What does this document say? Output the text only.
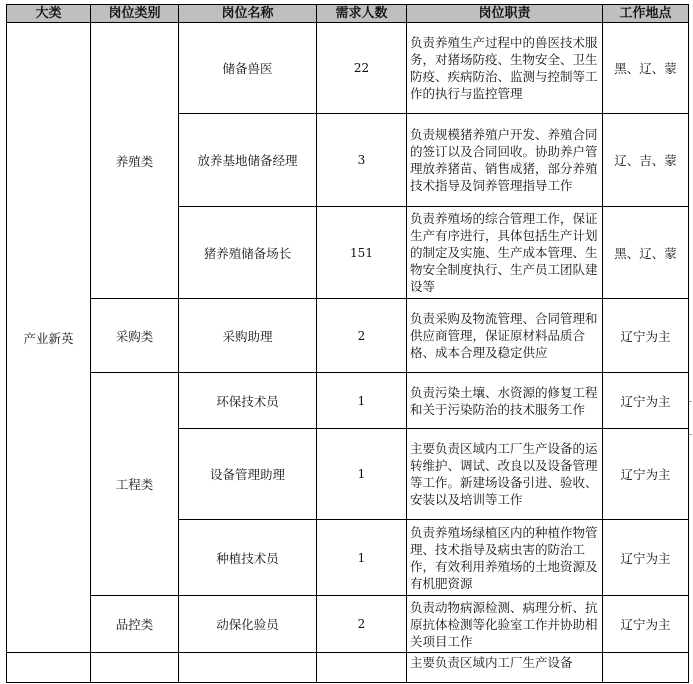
大类	岗位类别	岗位名称	需求人数	岗位职责	工作地点
产业新英	养殖类	储备兽医	22	负责养殖生产过程中的兽医技术服务，对猪场防疫、生物安全、卫生防疫、疾病防治、监测与控制等工作的执行与监控管理	黑、辽、蒙
		放养基地储备经理	3	负责规模猪养殖户开发、养殖合同的签订以及合同回收。协助养户管理放养猪苗、销售成猪，部分养殖技术指导及饲养管理指导工作	辽、吉、蒙
		猪养殖储备场长	151	负责养殖场的综合管理工作，保证生产有序进行，具体包括生产计划的制定及实施、生产成本管理、生物安全制度执行、生产员工团队建设等	黑、辽、蒙
	采购类	采购助理	2	负责采购及物流管理、合同管理和供应商管理，保证原材料品质合格、成本合理及稳定供应	辽宁为主
	工程类	环保技术员	1	负责污染土壤、水资源的修复工程和关于污染防治的技术服务工作	辽宁为主
		设备管理助理	1	主要负责区域内工厂生产设备的运转维护、调试、改良以及设备管理等工作。新建场设备引进、验收、安装以及培训等工作	辽宁为主
		种植技术员	1	负责养殖场绿植区内的种植作物管理、技术指导及病虫害的防治工作，有效利用养殖场的土地资源及有机肥资源	辽宁为主
	品控类	动保化验员	2	负责动物病源检测、病理分析、抗原抗体检测等化验室工作并协助相关项目工作	辽宁为主
				主要负责区域内工厂生产设备	
